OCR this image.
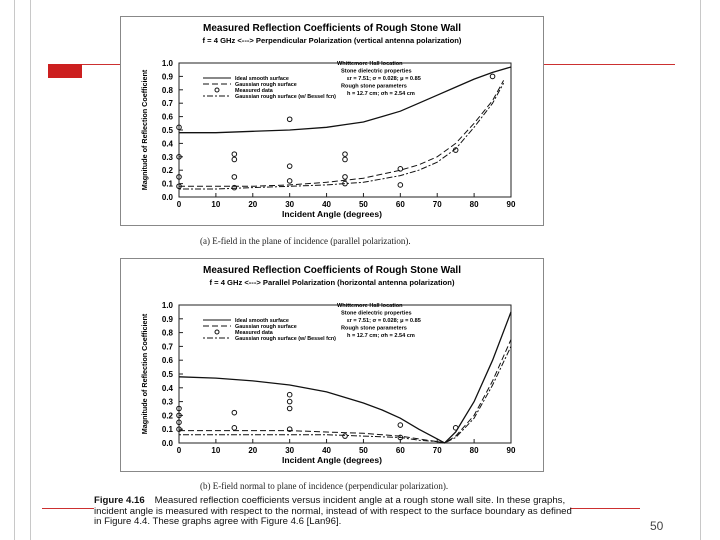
Measured Reflection Coefficients of Rough Stone Wall
f = 4 GHz <---> Perpendicular Polarization (vertical antenna polarization)
0.0
0.1
0.2
0.3
0.4
0.5
0.6
0.7
0.8
0.9
1.0
0	10	20	30	40	50	60	70	80	90
Incident Angle (degrees)
Magnitude of Reflection Coefficient
Whittemore Hall location
Stone dielectric properties
εr = 7.51; σ = 0.028; μ = 0.85
Rough stone parameters
h = 12.7 cm; σh = 2.54 cm
Ideal smooth surface
Gaussian rough surface
Measured data
Gaussian rough surface (w/ Bessel fcn)
(a) E-field in the plane of incidence (parallel polarization).
Measured Reflection Coefficients of Rough Stone Wall
f = 4 GHz <---> Parallel Polarization (horizontal antenna polarization)
0.0
0.1
0.2
0.3
0.4
0.5
0.6
0.7
0.8
0.9
1.0
0	10	20	30	40	50	60	70	80	90
Incident Angle (degrees)
Magnitude of Reflection Coefficient
Whittemore Hall location
Stone dielectric properties
εr = 7.51; σ = 0.028; μ = 0.85
Rough stone parameters
h = 12.7 cm; σh = 2.54 cm
Ideal smooth surface
Gaussian rough surface
Measured data
Gaussian rough surface (w/ Bessel fcn)
(b) E-field normal to plane of incidence (perpendicular polarization).
Figure 4.16 Measured reflection coefficients versus incident angle at a rough stone wall site. In these graphs, incident angle is measured with respect to the normal, instead of with respect to the surface boundary as defined in Figure 4.4. These graphs agree with Figure 4.6 [Lan96].	50
